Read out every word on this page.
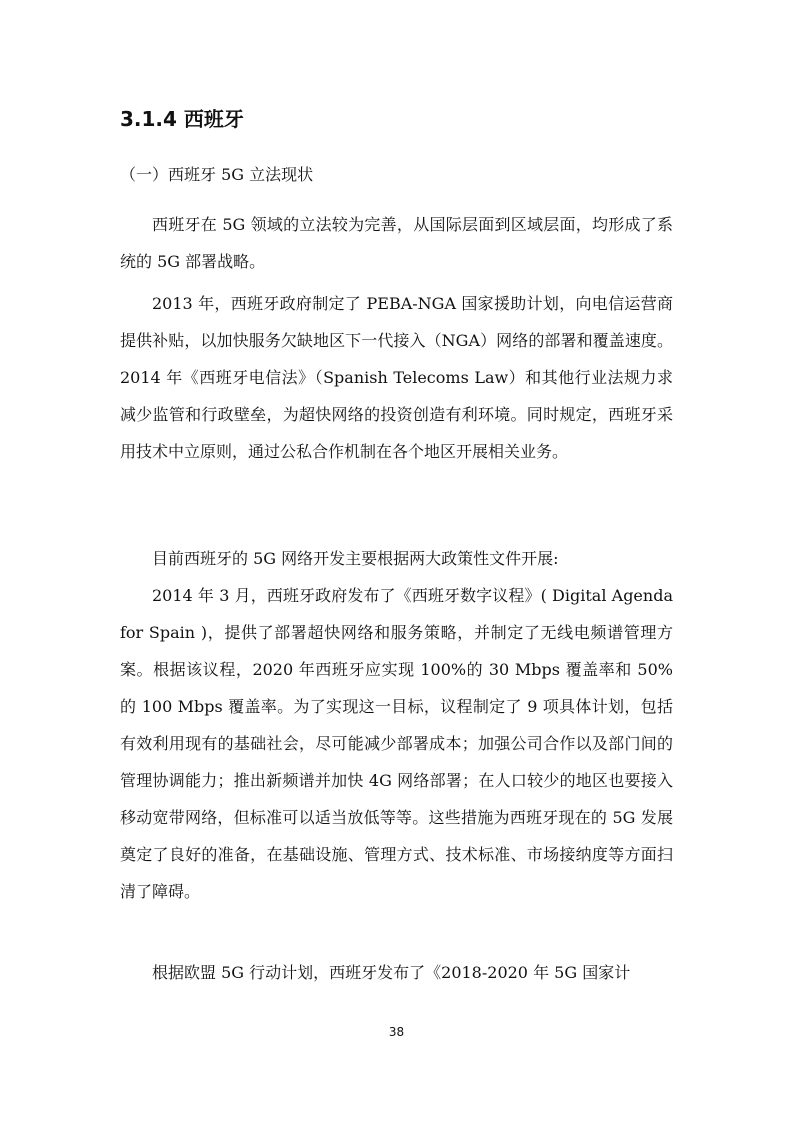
3.1.4 西班牙
（一）西班牙 5G 立法现状

西班牙在 5G 领域的立法较为完善，从国际层面到区域层面，均形成了系统的 5G 部署战略。

2013 年，西班牙政府制定了 PEBA-NGA 国家援助计划，向电信运营商提供补贴，以加快服务欠缺地区下一代接入（NGA）网络的部署和覆盖速度。2014 年《西班牙电信法》（Spanish Telecoms Law）和其他行业法规力求减少监管和行政壁垒，为超快网络的投资创造有利环境。同时规定，西班牙采用技术中立原则，通过公私合作机制在各个地区开展相关业务。

目前西班牙的 5G 网络开发主要根据两大政策性文件开展:

2014 年 3 月，西班牙政府发布了《西班牙数字议程》( Digital Agenda for Spain )，提供了部署超快网络和服务策略，并制定了无线电频谱管理方案。根据该议程，2020 年西班牙应实现 100%的 30 Mbps 覆盖率和 50%的 100 Mbps 覆盖率。为了实现这一目标，议程制定了 9 项具体计划，包括有效利用现有的基础社会，尽可能减少部署成本；加强公司合作以及部门间的管理协调能力；推出新频谱并加快 4G 网络部署；在人口较少的地区也要接入移动宽带网络，但标准可以适当放低等等。这些措施为西班牙现在的 5G 发展奠定了良好的准备，在基础设施、管理方式、技术标准、市场接纳度等方面扫清了障碍。

根据欧盟 5G 行动计划，西班牙发布了《2018-2020 年 5G 国家计

38
